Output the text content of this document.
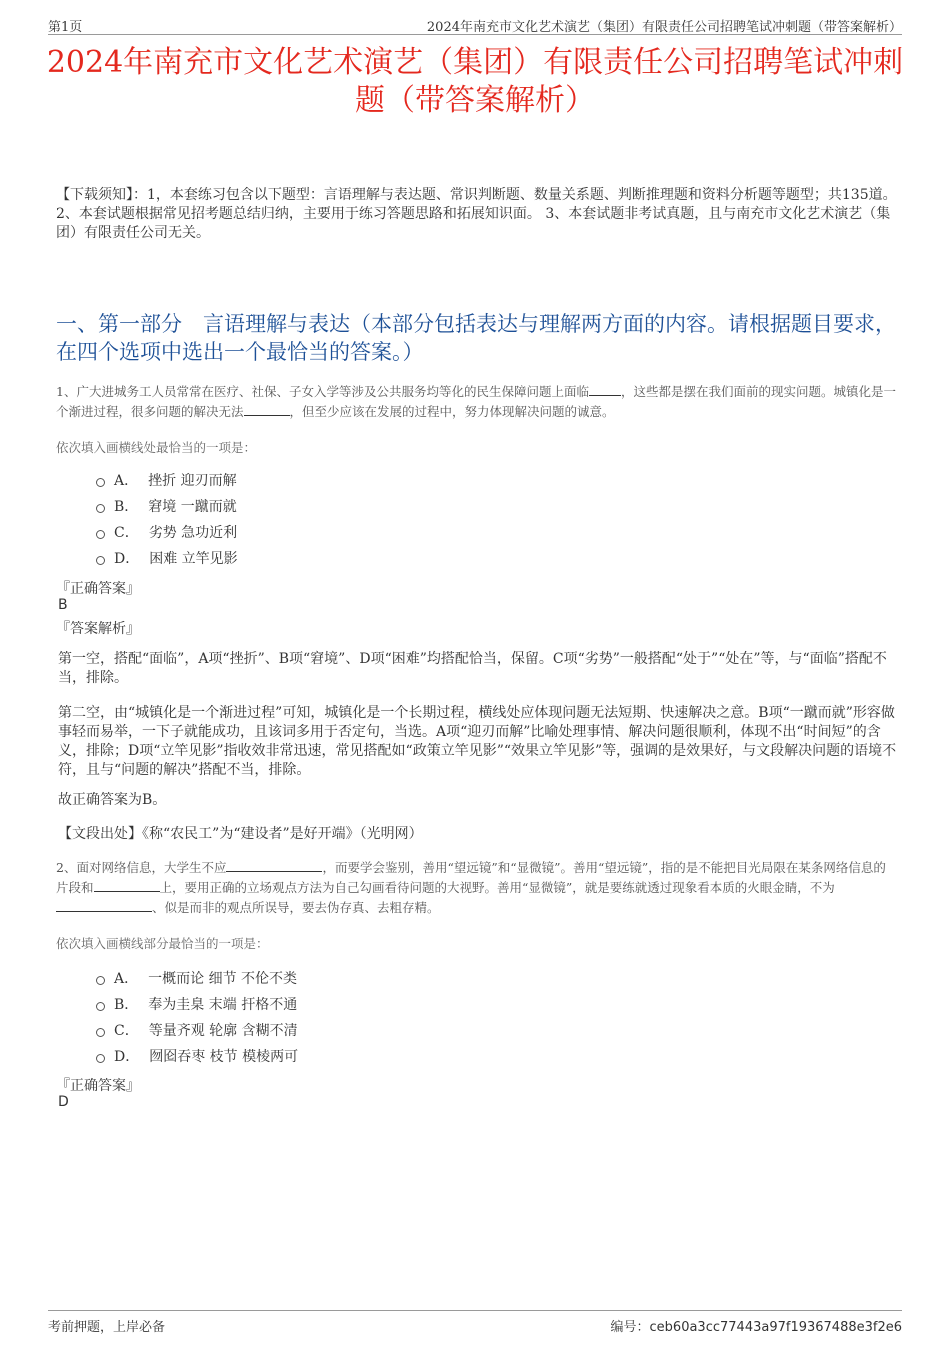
第1页	2024年南充市文化艺术演艺（集团）有限责任公司招聘笔试冲刺题（带答案解析）
2024年南充市文化艺术演艺（集团）有限责任公司招聘笔试冲刺题（带答案解析）
【下载须知】：1，本套练习包含以下题型：言语理解与表达题、常识判断题、数量关系题、判断推理题和资料分析题等题型；共135道。 2、本套试题根据常见招考题总结归纳，主要用于练习答题思路和拓展知识面。 3、本套试题非考试真题，且与南充市文化艺术演艺（集团）有限责任公司无关。
一、第一部分　言语理解与表达（本部分包括表达与理解两方面的内容。请根据题目要求，在四个选项中选出一个最恰当的答案。）
1、广大进城务工人员常常在医疗、社保、子女入学等涉及公共服务均等化的民生保障问题上面临	，这些都是摆在我们面前的现实问题。城镇化是一个渐进过程，很多问题的解决无法	，但至少应该在发展的过程中，努力体现解决问题的诚意。
依次填入画横线处最恰当的一项是：
A． 挫折 迎刃而解
B． 窘境 一蹴而就
C． 劣势 急功近利
D． 困难 立竿见影
『正确答案』
B
『答案解析』
第一空，搭配“面临”，A项“挫折”、B项“窘境”、D项“困难”均搭配恰当，保留。C项“劣势”一般搭配“处于”“处在”等，与“面临”搭配不当，排除。
第二空，由“城镇化是一个渐进过程”可知，城镇化是一个长期过程，横线处应体现问题无法短期、快速解决之意。B项“一蹴而就”形容做事轻而易举，一下子就能成功，且该词多用于否定句，当选。A项“迎刃而解”比喻处理事情、解决问题很顺利，体现不出“时间短”的含义，排除；D项“立竿见影”指收效非常迅速，常见搭配如“政策立竿见影”“效果立竿见影”等，强调的是效果好，与文段解决问题的语境不符，且与“问题的解决”搭配不当，排除。
故正确答案为B。
【文段出处】《称“农民工”为“建设者”是好开端》（光明网）
2、面对网络信息，大学生不应	，而要学会鉴别，善用“望远镜”和“显微镜”。善用“望远镜”，指的是不能把目光局限在某条网络信息的片段和	上，要用正确的立场观点方法为自己勾画看待问题的大视野。善用“显微镜”，就是要练就透过现象看本质的火眼金睛，不为、似是而非的观点所误导，要去伪存真、去粗存精。
依次填入画横线部分最恰当的一项是：
A． 一概而论 细节 不伦不类
B． 奉为圭臬 末端 扞格不通
C． 等量齐观 轮廓 含糊不清
D． 囫囵吞枣 枝节 模棱两可
『正确答案』
D
考前押题，上岸必备	编号：ceb60a3cc77443a97f19367488e3f2e6
